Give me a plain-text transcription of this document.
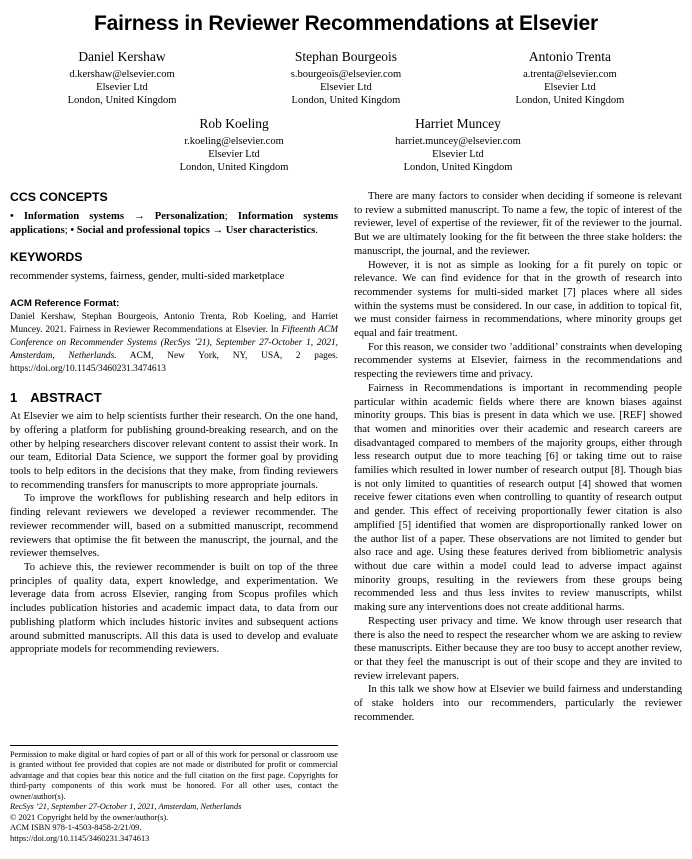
Fairness in Reviewer Recommendations at Elsevier
Daniel Kershaw
d.kershaw@elsevier.com
Elsevier Ltd
London, United Kingdom
Stephan Bourgeois
s.bourgeois@elsevier.com
Elsevier Ltd
London, United Kingdom
Antonio Trenta
a.trenta@elsevier.com
Elsevier Ltd
London, United Kingdom
Rob Koeling
r.koeling@elsevier.com
Elsevier Ltd
London, United Kingdom
Harriet Muncey
harriet.muncey@elsevier.com
Elsevier Ltd
London, United Kingdom
CCS CONCEPTS

• Information systems → Personalization; Information systems applications; • Social and professional topics → User characteristics.

KEYWORDS

recommender systems, fairness, gender, multi-sided marketplace

ACM Reference Format:
Daniel Kershaw, Stephan Bourgeois, Antonio Trenta, Rob Koeling, and Harriet Muncey. 2021. Fairness in Reviewer Recommendations at Elsevier. In Fifteenth ACM Conference on Recommender Systems (RecSys ’21), September 27-October 1, 2021, Amsterdam, Netherlands. ACM, New York, NY, USA, 2 pages. https://doi.org/10.1145/3460231.3474613
1 ABSTRACT

At Elsevier we aim to help scientists further their research. On the one hand, by offering a platform for publishing ground-breaking research, and on the other by helping researchers discover relevant content to assist their work. In our team, Editorial Data Science, we support the former goal by providing tools to help editors in the decisions that they make, from finding reviewers to recommending transfers for manuscripts to more appropriate journals.

To improve the workflows for publishing research and help editors in finding relevant reviewers we developed a reviewer recommender. The reviewer recommender will, based on a submitted manuscript, recommend reviewers that optimise the fit between the manuscript, the journal, and the reviewer themselves.

To achieve this, the reviewer recommender is built on top of the three principles of quality data, expert knowledge, and experimentation. We leverage data from across Elsevier, ranging from Scopus profiles which includes publication histories and academic impact data, to data from our publishing platform which includes historic invites and subsequent actions around submitted manuscripts. All this data is used to develop and evaluate appropriate models for recommending reviewers.

Permission to make digital or hard copies of part or all of this work for personal or classroom use is granted without fee provided that copies are not made or distributed for profit or commercial advantage and that copies bear this notice and the full citation on the first page. Copyrights for third-party components of this work must be honored. For all other uses, contact the owner/author(s).

RecSys ’21, September 27-October 1, 2021, Amsterdam, Netherlands

© 2021 Copyright held by the owner/author(s).

ACM ISBN 978-1-4503-8458-2/21/09.

https://doi.org/10.1145/3460231.3474613

There are many factors to consider when deciding if someone is relevant to review a submitted manuscript. To name a few, the topic of interest of the reviewer, level of expertise of the reviewer, fit of the reviewer to the journal. But we are ultimately looking for the fit between the three stake holders: the manuscript, the journal, and the reviewer.

However, it is not as simple as looking for a fit purely on topic or relevance. We can find evidence for that in the growth of research into recommender systems for multi-sided market [7] places where all sides within the systems must be considered. In our case, in addition to topical fit, we must consider fairness in recommendations, where minority groups get equal and fair treatment.

For this reason, we consider two ’additional’ constraints when developing recommender systems at Elsevier, fairness in the recommendations and respecting the reviewers time and privacy.

Fairness in Recommendations is important in recommending people particular within academic fields where there are known biases against minority groups. This bias is present in data which we use. [REF] showed that women and minorities over their academic and research careers are disadvantaged compared to members of the majority groups, either through less research output due to more teaching [6] or taking time out to raise families which resulted in lower number of research output [8]. Though bias is not only limited to quantities of research output [4] showed that women receive fewer citations even when controlling to quantity of research output and gender. This effect of receiving proportionally fewer citation is also amplified [5] identified that women are disproportionally ranked lower on the author list of a paper. These observations are not limited to gender but also race and age. Using these features derived from bibliometric analysis without due care within a model could lead to adverse impact against minority groups, resulting in the reviewers from these groups being recommended less and thus less invites to review manuscripts, whilst making sure any interventions does not create additional harms.

Respecting user privacy and time. We know through user research that there is also the need to respect the researcher whom we are asking to review these manuscripts. Either because they are too busy to accept another review, or that they feel the manuscript is out of their scope and they are invited to review irrelevant papers.

In this talk we show how at Elsevier we build fairness and understanding of stake holders into our recommenders, particularly the reviewer recommender.
